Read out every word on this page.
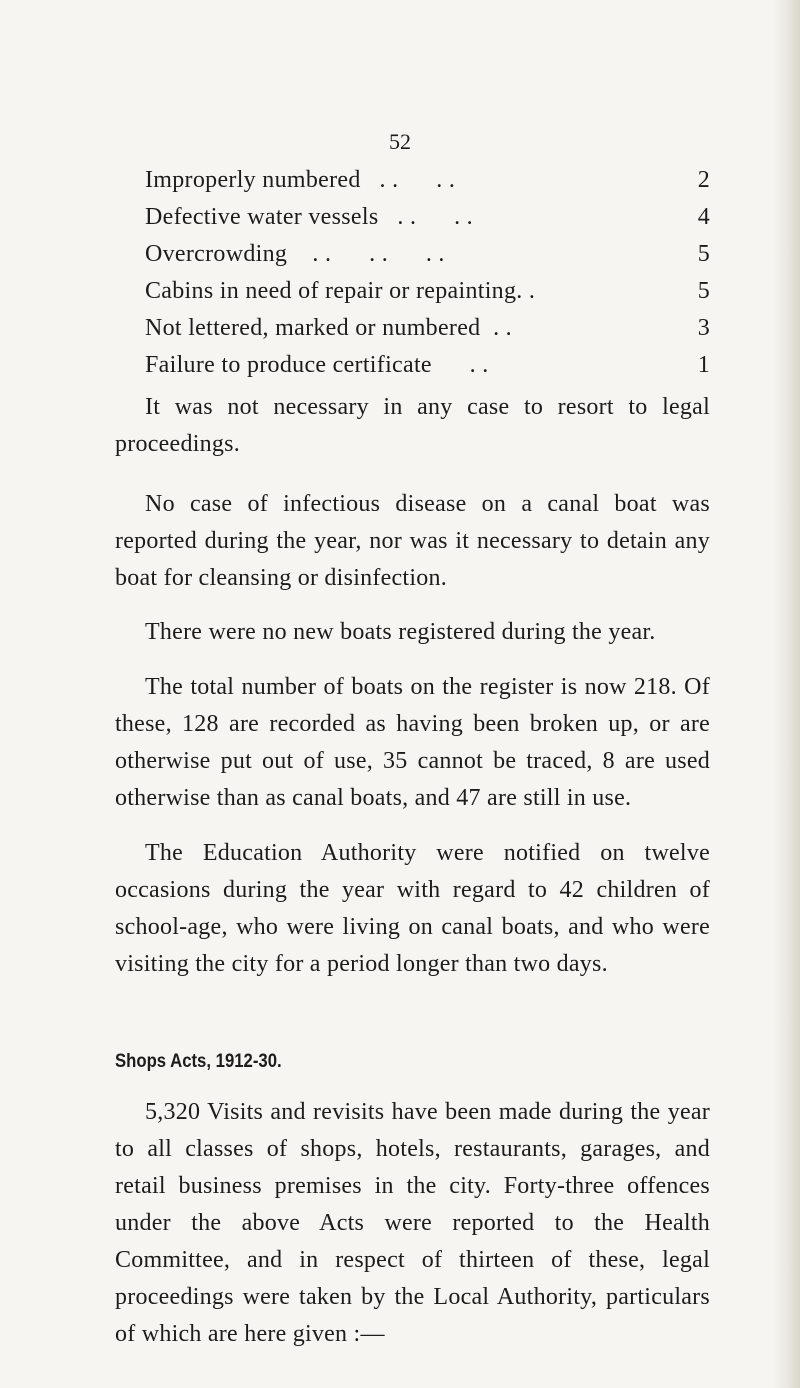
52
Improperly numbered . .      . .	2
Defective water vessels . .      . .	4
Overcrowding . .      . .      . .	5
Cabins in need of repair or repainting . .	5
Not lettered, marked or numbered . .	3
Failure to produce certificate . .	1

It was not necessary in any case to resort to legal proceedings.

No case of infectious disease on a canal boat was reported during the year, nor was it necessary to detain any boat for cleansing or disinfection.

There were no new boats registered during the year.

The total number of boats on the register is now 218. Of these, 128 are recorded as having been broken up, or are otherwise put out of use, 35 cannot be traced, 8 are used otherwise than as canal boats, and 47 are still in use.

The Education Authority were notified on twelve occasions during the year with regard to 42 children of school-age, who were living on canal boats, and who were visiting the city for a period longer than two days.

Shops Acts, 1912-30.

5,320 Visits and revisits have been made during the year to all classes of shops, hotels, restaurants, garages, and retail business premises in the city. Forty-three offences under the above Acts were reported to the Health Committee, and in respect of thirteen of these, legal proceedings were taken by the Local Authority, particulars of which are here given :—
